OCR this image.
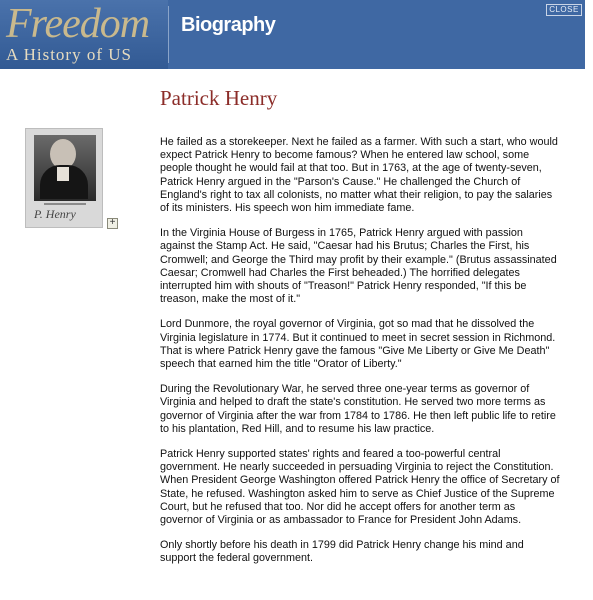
Freedom
A History of US
Biography
CLOSE
Patrick Henry
P. Henry
+

He failed as a storekeeper. Next he failed as a farmer. With such a start, who would expect Patrick Henry to become famous? When he entered law school, some people thought he would fail at that too. But in 1763, at the age of twenty-seven, Patrick Henry argued in the "Parson's Cause." He challenged the Church of England's right to tax all colonists, no matter what their religion, to pay the salaries of its ministers. His speech won him immediate fame.

In the Virginia House of Burgess in 1765, Patrick Henry argued with passion against the Stamp Act. He said, "Caesar had his Brutus; Charles the First, his Cromwell; and George the Third may profit by their example." (Brutus assassinated Caesar; Cromwell had Charles the First beheaded.) The horrified delegates interrupted him with shouts of "Treason!" Patrick Henry responded, "If this be treason, make the most of it."

Lord Dunmore, the royal governor of Virginia, got so mad that he dissolved the Virginia legislature in 1774. But it continued to meet in secret session in Richmond. That is where Patrick Henry gave the famous "Give Me Liberty or Give Me Death" speech that earned him the title "Orator of Liberty."

During the Revolutionary War, he served three one-year terms as governor of Virginia and helped to draft the state's constitution. He served two more terms as governor of Virginia after the war from 1784 to 1786. He then left public life to retire to his plantation, Red Hill, and to resume his law practice.

Patrick Henry supported states' rights and feared a too-powerful central government. He nearly succeeded in persuading Virginia to reject the Constitution. When President George Washington offered Patrick Henry the office of Secretary of State, he refused. Washington asked him to serve as Chief Justice of the Supreme Court, but he refused that too. Nor did he accept offers for another term as governor of Virginia or as ambassador to France for President John Adams.

Only shortly before his death in 1799 did Patrick Henry change his mind and support the federal government.
